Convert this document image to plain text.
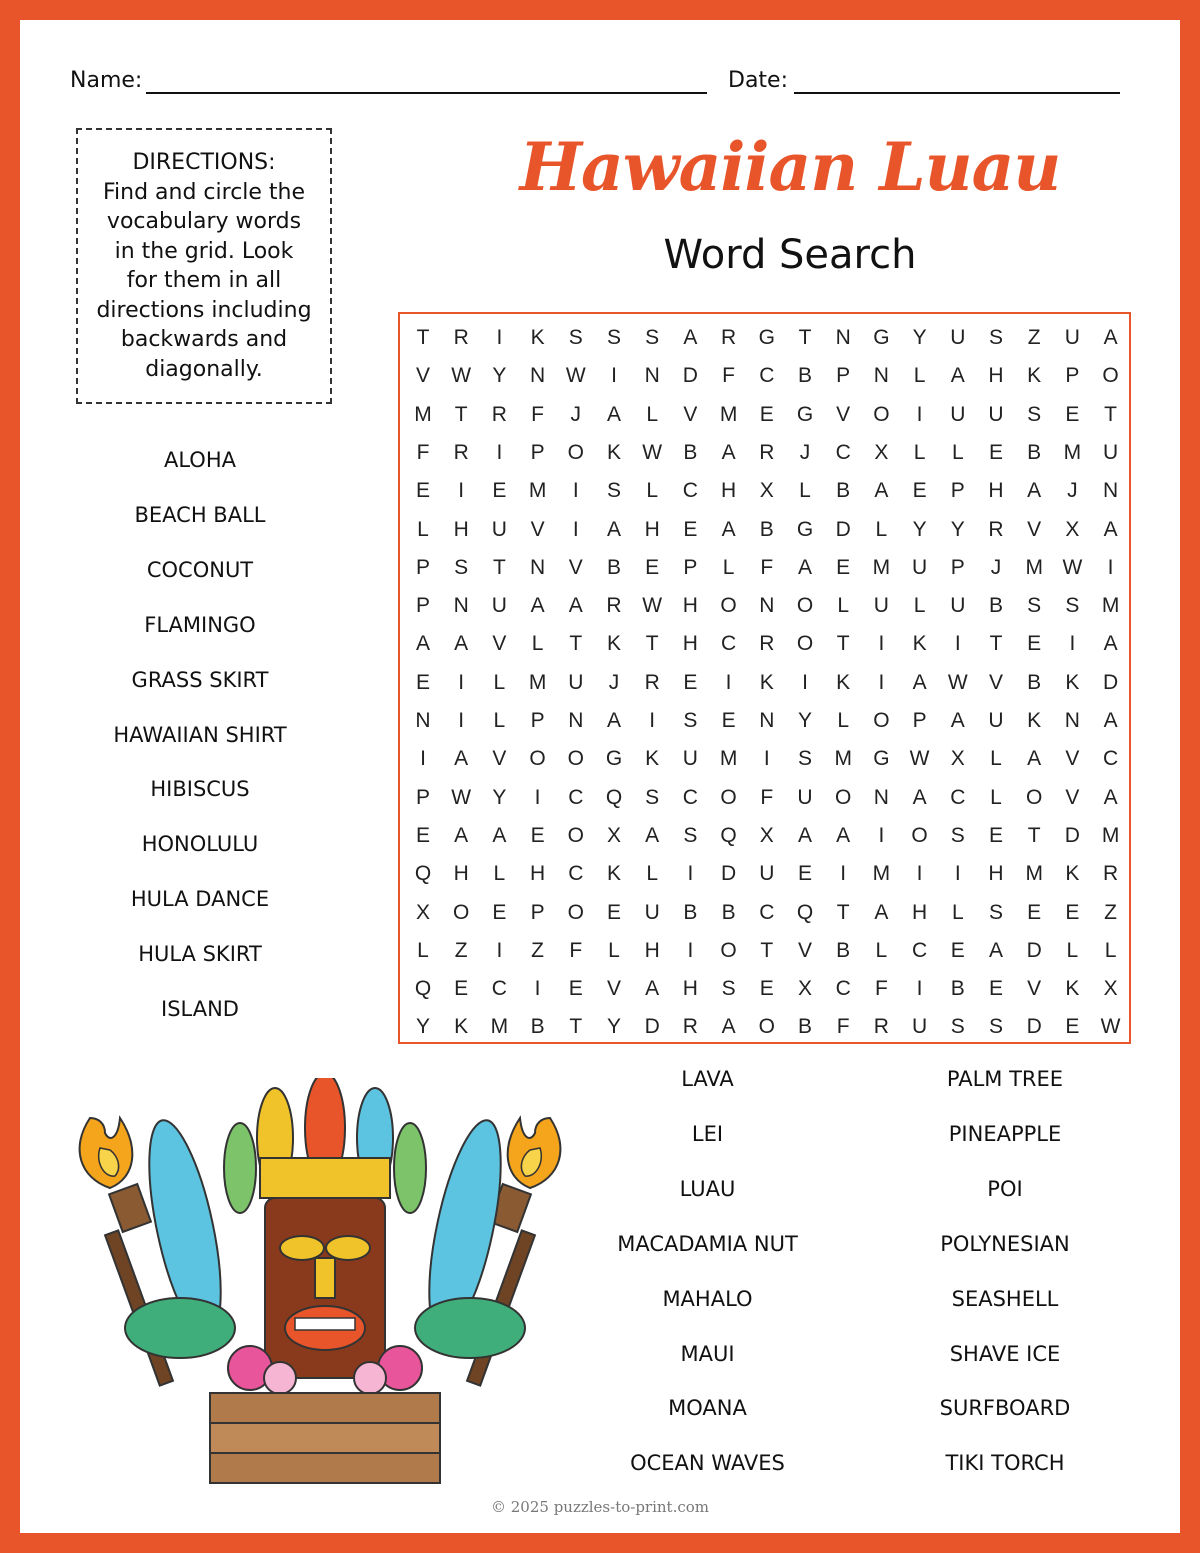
Name:	Date:
DIRECTIONS:
Find and circle the
vocabulary words
in the grid. Look
for them in all
directions including
backwards and
diagonally.
Hawaiian Luau
Word Search
T	R	I	K	S	S	S	A	R	G	T	N	G	Y	U	S	Z	U	A
V	W	Y	N W	I	N	D	F	C	B	P	N	L	A	H	K	P	O
M	T	R	F	J	A	L	V	M	E	G	V	O	I	U	U	S	E	T
F	R	I	P	O	K	W	B	A	R	J	C	X	L	L	E	B	M	U
E	I	E	M	I	S	L	C	H	X	L	B	A	E	P	H	A	J	N
L	H	U	V	I	A	H	E	A	B	G	D	L	Y	Y	R	V	X	A
P	S	T	N	V	B	E	P	L	F	A	E	M	U	P	J	M W	I
P	N	U	A	A	R W H	O	N	O	L	U	L	U	B	S	S	M
A	A	V	L	T	K	T	H	C	R	O	T	I	K	I	T	E	I	A
E	I	L	M	U	J	R	E	I	K	I	K	I	A	W	V	B	K	D
N	I	L	P	N	A	I	S	E	N	Y	L	O	P	A	U	K	N	A
I	A	V	O	O	G	K	U	M	I	S	M	G W	X	L	A	V	C
P	W	Y	I	C	Q	S	C	O	F	U	O	N	A	C	L	O	V	A
E	A	A	E	O	X	A	S	Q	X	A	A	I	O	S	E	T	D	M
Q	H	L	H	C	K	L	I	D	U	E	I	M	I	I	H	M	K	R
X	O	E	P	O	E	U	B	B	C	Q	T	A	H	L	S	E	E	Z
L	Z	I	Z	F	L	H	I	O	T	V	B	L	C	E	A	D	L	L
Q	E	C	I	E	V	A	H	S	E	X	C	F	I	B	E	V	K	X
Y	K	M	B	T	Y	D	R	A	O	B	F	R	U	S	S	D	E	W
ALOHA
BEACH BALL
COCONUT
FLAMINGO
GRASS SKIRT
HAWAIIAN SHIRT
HIBISCUS
HONOLULU
HULA DANCE
HULA SKIRT
ISLAND
LAVA
LEI
LUAU
MACADAMIA NUT
MAHALO
MAUI
MOANA
OCEAN WAVES
PALM TREE
PINEAPPLE
POI
POLYNESIAN
SEASHELL
SHAVE ICE
SURFBOARD
TIKI TORCH
© 2025 puzzles-to-print.com
